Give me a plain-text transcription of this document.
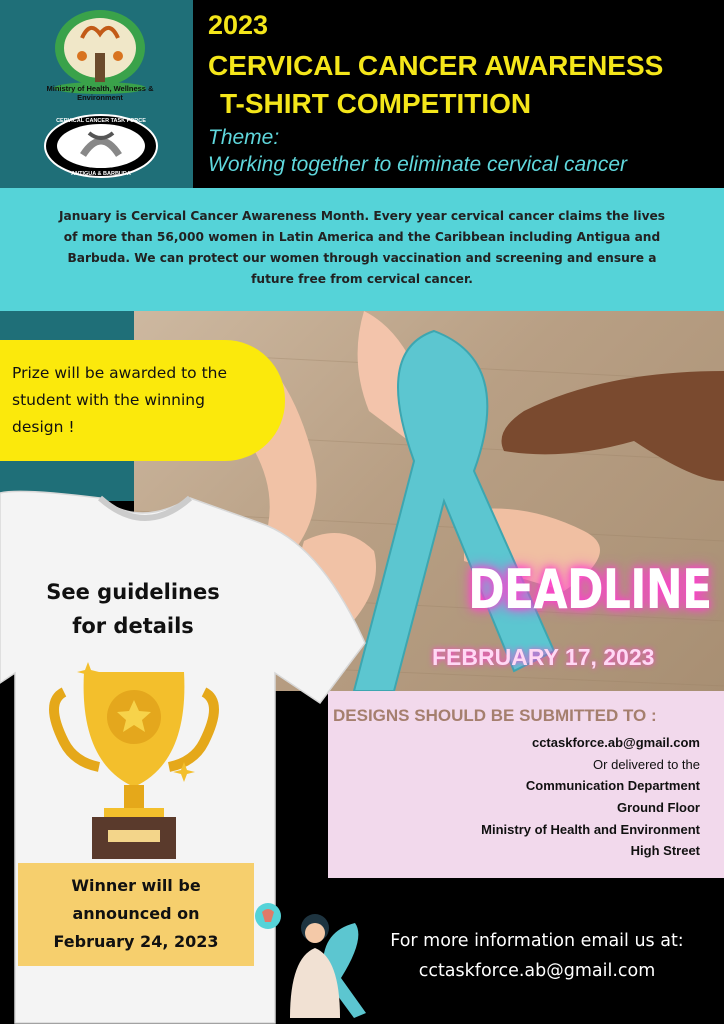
Ministry of Health, Wellness & Environment
CERVICAL CANCER TASK FORCE
ANTIGUA & BARBUDA
2023
CERVICAL CANCER AWARENESS
T-SHIRT COMPETITION
Theme:
Working together to eliminate cervical cancer
January is Cervical Cancer Awareness Month. Every year cervical cancer claims the lives
of more than 56,000 women in Latin America and the Caribbean including Antigua and
Barbuda. We can protect our women through vaccination and screening and ensure a
future free from cervical cancer.
Prize will be awarded to the
student with the winning
design !
DEADLINE
FEBRUARY 17, 2023
DESIGNS SHOULD BE SUBMITTED TO :
cctaskforce.ab@gmail.com
Or delivered to the
Communication Department
Ground Floor
Ministry of Health and Environment
High Street
See guidelines
for details
Winner will be
announced on
February 24, 2023	For more information email us at:
cctaskforce.ab@gmail.com
